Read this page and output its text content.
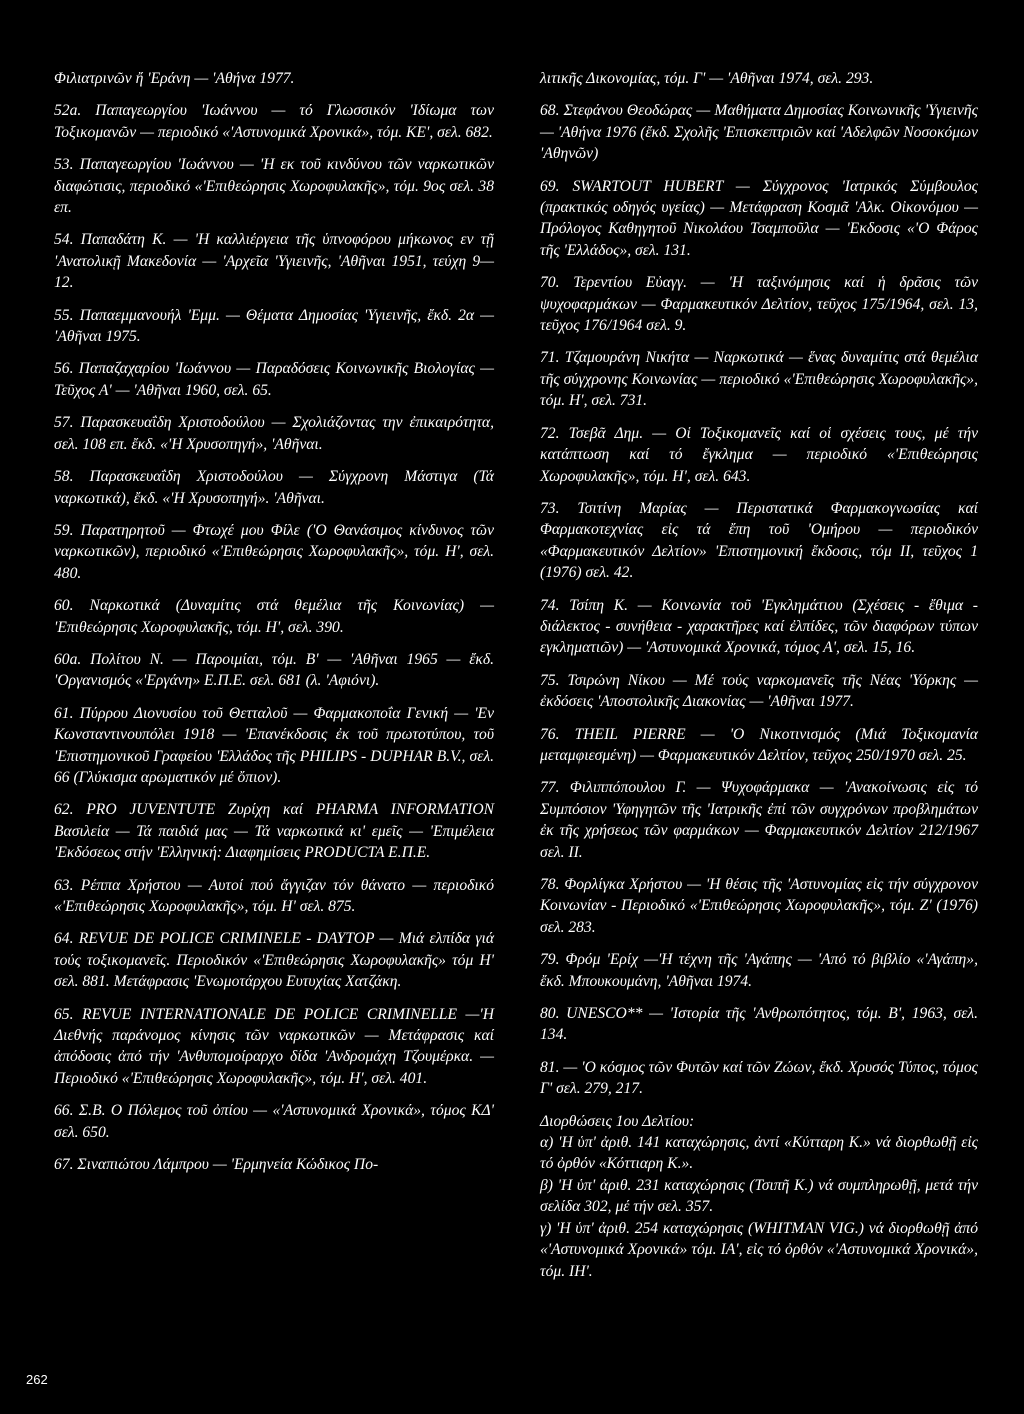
Φιλιατρινῶν ἤ 'Εράνη — 'Αθήνα 1977.

52a. Παπαγεωργίου 'Ιωάννου — τό Γλωσσικόν 'Ιδίωμα των Τοξικομανῶν — περιοδικό «'Αστυνομικά Χρονικά», τόμ. ΚΕ', σελ. 682.

53. Παπαγεωργίου 'Ιωάννου — 'Η εκ τοῦ κινδύνου τῶν ναρκωτικῶν διαφώτισις, περιοδικό «'Επιθεώρησις Χωροφυλακῆς», τόμ. 9ος σελ. 38 επ.

54. Παπαδάτη Κ. — 'Η καλλιέργεια τῆς ὑπνοφόρου μήκωνος εν τῇ 'Ανατολικῇ Μακεδονία — 'Αρχεῖα 'Υγιεινῆς, 'Αθῆναι 1951, τεύχη 9—12.

55. Παπαεμμανουήλ 'Εμμ. — Θέματα Δημοσίας 'Υγιεινῆς, ἔκδ. 2α — 'Αθῆναι 1975.

56. Παπαζαχαρίου 'Ιωάννου — Παραδόσεις Κοινωνικῆς Βιολογίας — Τεῦχος Α' — 'Αθῆναι 1960, σελ. 65.

57. Παρασκευαΐδη Χριστοδούλου — Σχολιάζοντας την ἐπικαιρότητα, σελ. 108 επ. ἔκδ. «'Η Χρυσοπηγή», 'Αθῆναι.

58. Παρασκευαΐδη Χριστοδούλου — Σύγχρονη Μάστιγα (Τά ναρκωτικά), ἔκδ. «'Η Χρυσοπηγή». 'Αθῆναι.

59. Παρατηρητοῦ — Φτωχέ μου Φίλε ('Ο Θανάσιμος κίνδυνος τῶν ναρκωτικῶν), περιοδικό «'Επιθεώρησις Χωροφυλακῆς», τόμ. Η', σελ. 480.

60. Ναρκωτικά (Δυναμίτις στά θεμέλια τῆς Κοινωνίας) — 'Επιθεώρησις Χωροφυλακῆς, τόμ. Η', σελ. 390.

60a. Πολίτου Ν. — Παροιμίαι, τόμ. Β' — 'Αθῆναι 1965 — ἔκδ. 'Οργανισμός «'Εργάνη» Ε.Π.Ε. σελ. 681 (λ. 'Αφιόνι).

61. Πύρρου Διονυσίου τοῦ Θετταλοῦ — Φαρμακοποΐα Γενική — 'Εν Κωνσταντινουπόλει 1918 — 'Επανέκδοσις ἐκ τοῦ πρωτοτύπου, τοῦ 'Επιστημονικοῦ Γραφείου 'Ελλάδος τῆς PHILIPS - DUPHAR B.V., σελ. 66 (Γλύκισμα αρωματικόν μέ ὄπιον).

62. PRO JUVENTUTE Ζυρίχη καί PHARMA INFORMATION Βασιλεία — Τά παιδιά μας — Τά ναρκωτικά κι' εμεῖς — 'Επιμέλεια 'Εκδόσεως στήν 'Ελληνική: Διαφημίσεις PRODUCTA Ε.Π.Ε.

63. Ρέππα Χρήστου — Αυτοί πού ἄγγιζαν τόν θάνατο — περιοδικό «'Επιθεώρησις Χωροφυλακῆς», τόμ. Η' σελ. 875.

64. REVUE DE POLICE CRIMINELE - DAYTOP — Μιά ελπίδα γιά τούς τοξικομανεῖς. Περιοδικόν «'Επιθεώρησις Χωροφυλακῆς» τόμ Η' σελ. 881. Μετάφρασις 'Ενωμοτάρχου Ευτυχίας Χατζάκη.

65. REVUE INTERNATIONALE DE POLICE CRIMINELLE —'Η Διεθνής παράνομος κίνησις τῶν ναρκωτικῶν — Μετάφρασις καί ἀπόδοσις ἀπό τήν 'Ανθυπομοίραρχο δίδα 'Ανδρομάχη Τζουμέρκα. — Περιοδικό «'Επιθεώρησις Χωροφυλακῆς», τόμ. Η', σελ. 401.

66. Σ.Β. Ο Πόλεμος τοῦ ὀπίου — «'Αστυνομικά Χρονικά», τόμος ΚΔ' σελ. 650.

67. Σιναπιώτου Λάμπρου — 'Ερμηνεία Κώδικος Πο-

λιτικῆς Δικονομίας, τόμ. Γ' — 'Αθῆναι 1974, σελ. 293.

68. Στεφάνου Θεοδώρας — Μαθήματα Δημοσίας Κοινωνικῆς 'Υγιεινῆς — 'Αθήνα 1976 (ἔκδ. Σχολῆς 'Επισκεπτριῶν καί 'Αδελφῶν Νοσοκόμων 'Αθηνῶν)

69. SWARTOUT HUBERT — Σύγχρονος 'Ιατρικός Σύμβουλος (πρακτικός οδηγός υγείας) — Μετάφραση Κοσμᾶ 'Αλκ. Οἰκονόμου — Πρόλογος Καθηγητοῦ Νικολάου Τσαμποῦλα — 'Εκδοσις «'Ο Φάρος τῆς 'Ελλάδος», σελ. 131.

70. Τερεντίου Εὐαγγ. — 'Η ταξινόμησις καί ἡ δρᾶσις τῶν ψυχοφαρμάκων — Φαρμακευτικόν Δελτίον, τεῦχος 175/1964, σελ. 13, τεῦχος 176/1964 σελ. 9.

71. Τζαμουράνη Νικήτα — Ναρκωτικά — ἕνας δυναμίτις στά θεμέλια τῆς σύγχρονης Κοινωνίας — περιοδικό «'Επιθεώρησις Χωροφυλακῆς», τόμ. Η', σελ. 731.

72. Τσεβᾶ Δημ. — Οἱ Τοξικομανεῖς καί οἱ σχέσεις τους, μέ τήν κατάπτωση καί τό ἔγκλημα — περιοδικό «'Επιθεώρησις Χωροφυλακῆς», τόμ. Η', σελ. 643.

73. Τσιτίνη Μαρίας — Περιστατικά Φαρμακογνωσίας καί Φαρμακοτεχνίας εἰς τά ἔπη τοῦ 'Ομήρου — περιοδικόν «Φαρμακευτικόν Δελτίον» 'Επιστημονική ἔκδοσις, τόμ ΙΙ, τεῦχος 1 (1976) σελ. 42.

74. Τσίπη Κ. — Κοινωνία τοῦ 'Εγκλημάτιου (Σχέσεις - ἔθιμα - διάλεκτος - συνήθεια - χαρακτῆρες καί ἐλπίδες, τῶν διαφόρων τύπων εγκληματιῶν) — 'Αστυνομικά Χρονικά, τόμος Α', σελ. 15, 16.

75. Τσιρώνη Νίκου — Μέ τούς ναρκομανεῖς τῆς Νέας 'Υόρκης — ἐκδόσεις 'Αποστολικῆς Διακονίας — 'Αθῆναι 1977.

76. THEIL PIERRE — 'Ο Νικοτινισμός (Μιά Τοξικομανία μεταμφιεσμένη) — Φαρμακευτικόν Δελτίον, τεῦχος 250/1970 σελ. 25.

77. Φιλιππόπουλου Γ. — Ψυχοφάρμακα — 'Ανακοίνωσις εἰς τό Συμπόσιον 'Υφηγητῶν τῆς 'Ιατρικῆς ἐπί τῶν συγχρόνων προβλημάτων ἐκ τῆς χρήσεως τῶν φαρμάκων — Φαρμακευτικόν Δελτίον 212/1967 σελ. ΙΙ.

78. Φορλίγκα Χρήστου — 'Η θέσις τῆς 'Αστυνομίας εἰς τήν σύγχρονον Κοινωνίαν - Περιοδικό «'Επιθεώρησις Χωροφυλακῆς», τόμ. Ζ' (1976) σελ. 283.

79. Φρόμ 'Ερίχ —'Η τέχνη τῆς 'Αγάπης — 'Από τό βιβλίο «'Αγάπη», ἔκδ. Μπουκουμάνη, 'Αθῆναι 1974.

80. UNESCO** — 'Ιστορία τῆς 'Ανθρωπότητος, τόμ. Β', 1963, σελ. 134.

81. — 'Ο κόσμος τῶν Φυτῶν καί τῶν Ζώων, ἔκδ. Χρυσός Τύπος, τόμος Γ' σελ. 279, 217.

Διορθώσεις 1ου Δελτίου:
α) 'Η ὑπ' ἀριθ. 141 καταχώρησις, ἀντί «Κύτταρη Κ.» νά διορθωθῇ εἰς τό ὀρθόν «Κόττιαρη Κ.».
β) 'Η ὑπ' ἀριθ. 231 καταχώρησις (Τσιπῆ Κ.) νά συμπληρωθῇ, μετά τήν σελίδα 302, μέ τήν σελ. 357.
γ) 'Η ὑπ' ἀριθ. 254 καταχώρησις (WHITMAN VIG.) νά διορθωθῇ ἀπό «'Αστυνομικά Χρονικά» τόμ. ΙΑ', εἰς τό ὀρθόν «'Αστυνομικά Χρονικά», τόμ. ΙΗ'.

262
